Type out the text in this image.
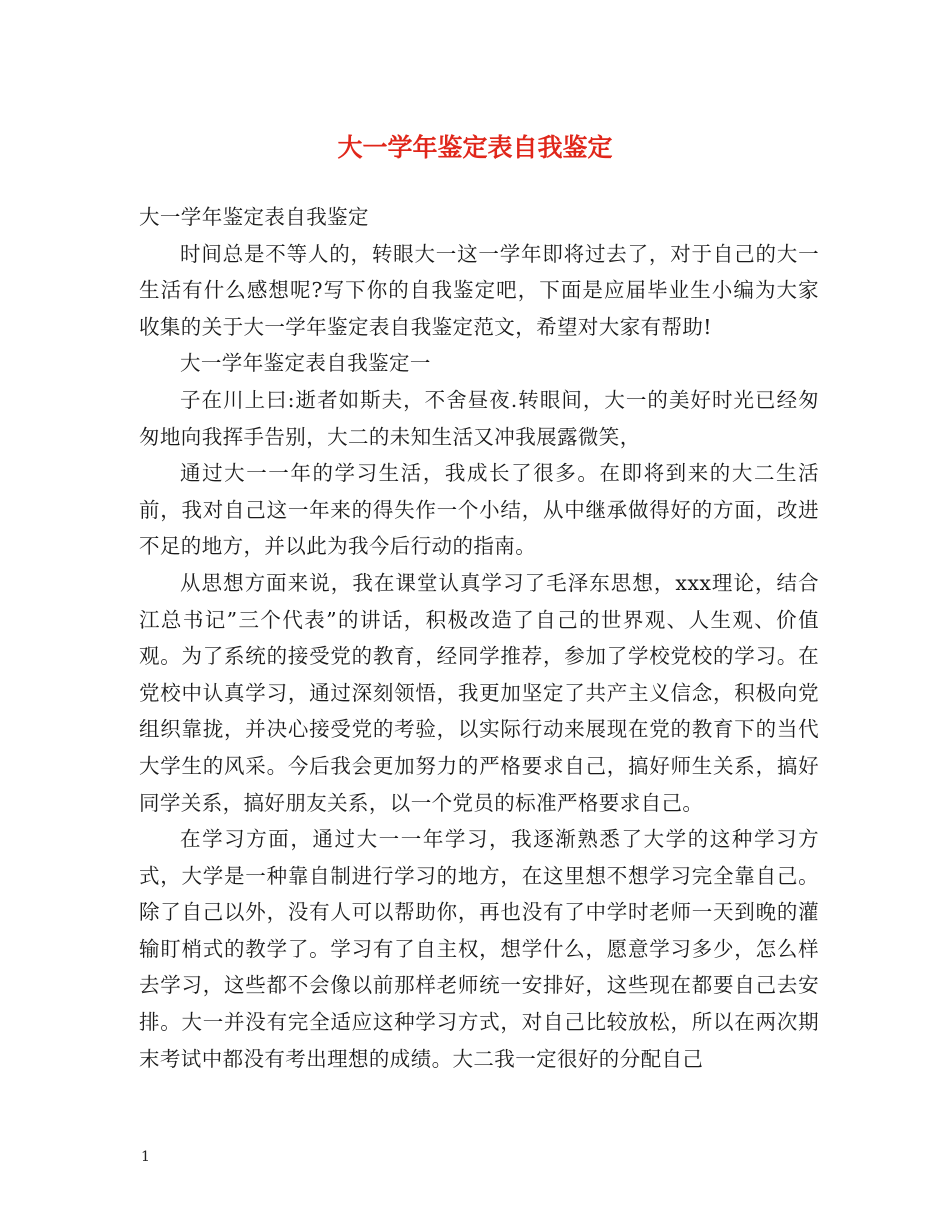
大一学年鉴定表自我鉴定

大一学年鉴定表自我鉴定

时间总是不等人的，转眼大一这一学年即将过去了，对于自己的大一生活有什么感想呢?写下你的自我鉴定吧，下面是应届毕业生小编为大家收集的关于大一学年鉴定表自我鉴定范文，希望对大家有帮助!

大一学年鉴定表自我鉴定一

子在川上曰:逝者如斯夫，不舍昼夜.转眼间，大一的美好时光已经匆匆地向我挥手告别，大二的未知生活又冲我展露微笑，

通过大一一年的学习生活，我成长了很多。在即将到来的大二生活前，我对自己这一年来的得失作一个小结，从中继承做得好的方面，改进不足的地方，并以此为我今后行动的指南。

从思想方面来说，我在课堂认真学习了毛泽东思想，xxx理论，结合江总书记”三个代表”的讲话，积极改造了自己的世界观、人生观、价值观。为了系统的接受党的教育，经同学推荐，参加了学校党校的学习。在党校中认真学习，通过深刻领悟，我更加坚定了共产主义信念，积极向党组织靠拢，并决心接受党的考验，以实际行动来展现在党的教育下的当代大学生的风采。今后我会更加努力的严格要求自己，搞好师生关系，搞好同学关系，搞好朋友关系，以一个党员的标准严格要求自己。

在学习方面，通过大一一年学习，我逐渐熟悉了大学的这种学习方式，大学是一种靠自制进行学习的地方，在这里想不想学习完全靠自己。除了自己以外，没有人可以帮助你，再也没有了中学时老师一天到晚的灌输盯梢式的教学了。学习有了自主权，想学什么，愿意学习多少，怎么样去学习，这些都不会像以前那样老师统一安排好，这些现在都要自己去安排。大一并没有完全适应这种学习方式，对自己比较放松，所以在两次期末考试中都没有考出理想的成绩。大二我一定很好的分配自己

1
